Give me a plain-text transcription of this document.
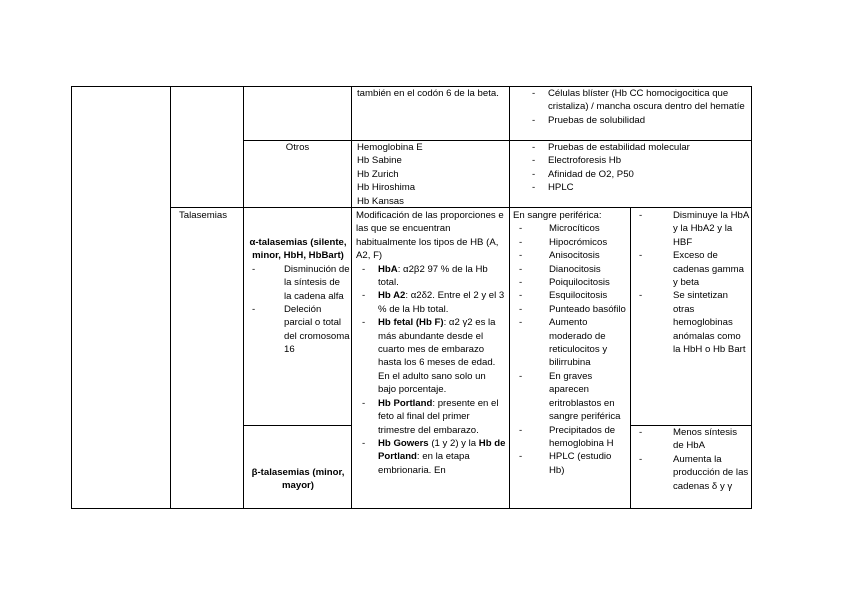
también en el codón 6 de la beta.
-	Células blíster (Hb CC homocigocitica que cristaliza) / mancha oscura dentro del hematíe
- Pruebas de solubilidad
Otros	Hemoglobina E
Hb Sabine
Hb Zurich
Hb Hiroshima
Hb Kansas
- Pruebas de estabilidad molecular
- Electroforesis Hb
- Afinidad de O2, P50
- HPLC
Talasemias
α-talasemias (silente, minor, HbH, HbBart)
- Disminución de la síntesis de la cadena alfa
- Deleción parcial o total del cromosoma 16
β-talasemias (minor, mayor)
Modificación de las proporciones e las que se encuentran habitualmente los tipos de HB (A, A2, F)
- HbA: α2β2 97 % de la Hb total.
- Hb A2: α2δ2. Entre el 2 y el 3 % de la Hb total.
- Hb fetal (Hb F): α2 γ2 es la más abundante desde el cuarto mes de embarazo hasta los 6 meses de edad. En el adulto sano solo un bajo porcentaje.
- Hb Portland: presente en el feto al final del primer trimestre del embarazo.
- Hb Gowers (1 y 2) y la Hb de Portland: en la etapa embrionaria. En
En sangre periférica:
- Microcíticos
- Hipocrómicos
- Anisocitosis
- Dianocitosis
- Poiquilocitosis
- Esquilocitosis
- Punteado basófilo
- Aumento moderado de reticulocitos y bilirrubina
- En graves aparecen eritroblastos en sangre periférica
- Precipitados de hemoglobina H
- HPLC (estudio Hb)
- Disminuye la HbA y la HbA2 y la HBF
- Exceso de cadenas gamma y beta
- Se sintetizan otras hemoglobinas anómalas como la HbH o Hb Bart
- Menos síntesis de HbA
- Aumenta la producción de las cadenas δ y γ
